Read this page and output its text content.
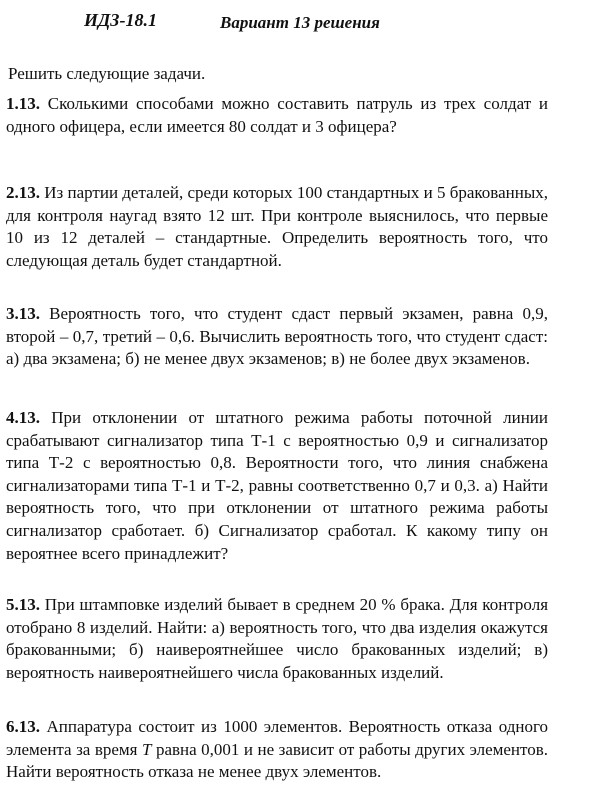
ИДЗ-18.1	Вариант 13 решения
Решить следующие задачи.
1.13. Сколькими способами можно составить патруль из трех солдат и одного офицера, если имеется 80 солдат и 3 офицера?
2.13. Из партии деталей, среди которых 100 стандартных и 5 бракованных, для контроля наугад взято 12 шт. При контроле выяснилось, что первые 10 из 12 деталей – стандартные. Определить вероятность того, что следующая деталь будет стандартной.
3.13. Вероятность того, что студент сдаст первый экзамен, равна 0,9, второй – 0,7, третий – 0,6. Вычислить вероятность того, что студент сдаст: а) два экзамена; б) не менее двух экзаменов; в) не более двух экзаменов.
4.13. При отклонении от штатного режима работы поточной линии срабатывают сигнализатор типа Т-1 с вероятностью 0,9 и сигнализатор типа Т-2 с вероятностью 0,8. Вероятности того, что линия снабжена сигнализаторами типа Т-1 и Т-2, равны соответственно 0,7 и 0,3. а) Найти вероятность того, что при отклонении от штатного режима работы сигнализатор сработает. б) Сигнализатор сработал. К какому типу он вероятнее всего принадлежит?
5.13. При штамповке изделий бывает в среднем 20 % брака. Для контроля отобрано 8 изделий. Найти: а) вероятность того, что два изделия окажутся бракованными; б) наивероятнейшее число бракованных изделий; в) вероятность наивероятнейшего числа бракованных изделий.
6.13. Аппаратура состоит из 1000 элементов. Вероятность отказа одного элемента за время T равна 0,001 и не зависит от работы других элементов. Найти вероятность отказа не менее двух элементов.
